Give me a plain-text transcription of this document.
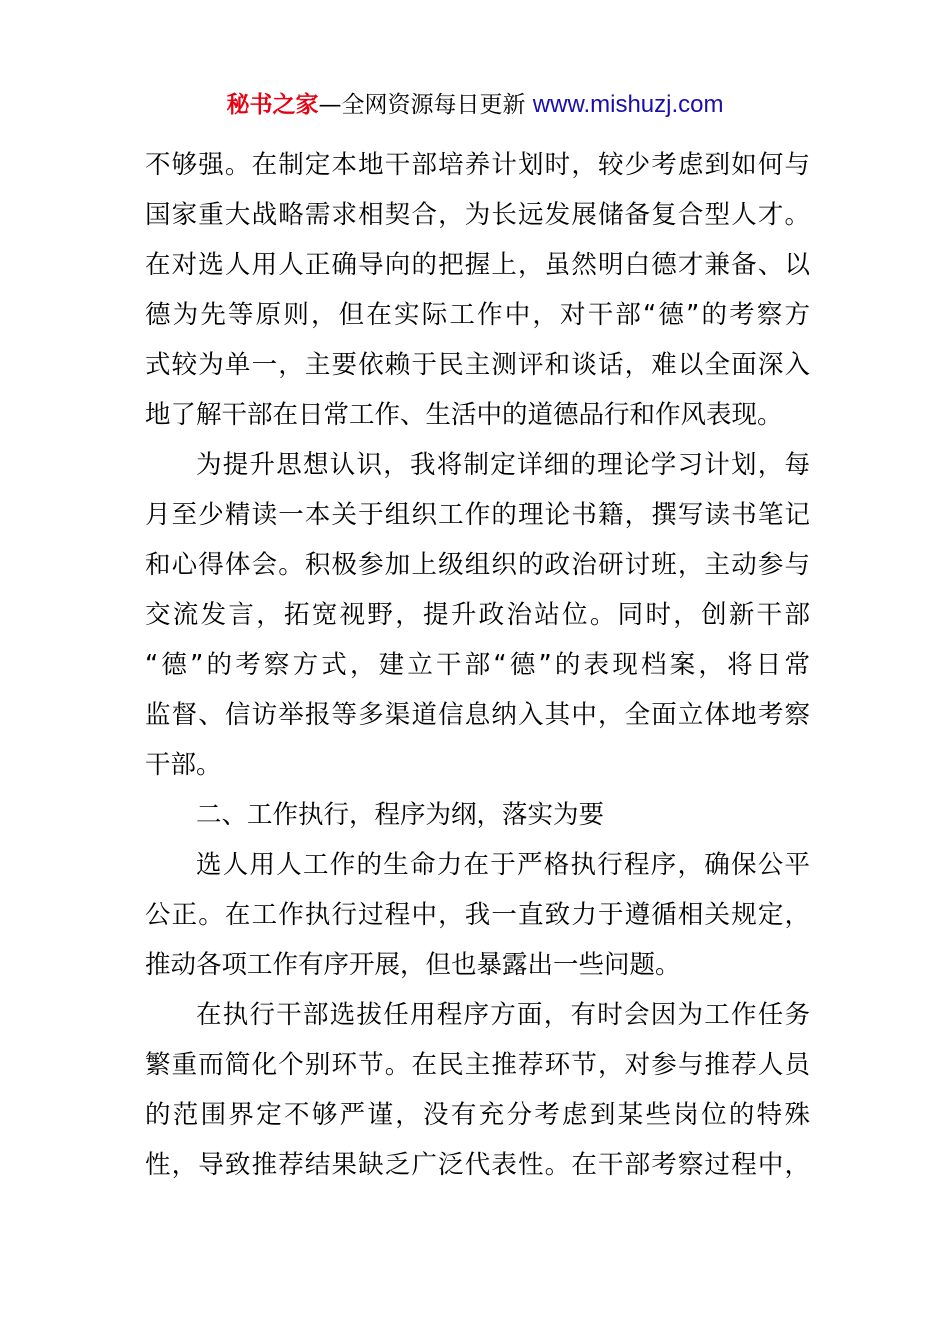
秘书之家—全网资源每日更新 www.mishuzj.com
不够强。在制定本地干部培养计划时，较少考虑到如何与
国家重大战略需求相契合，为长远发展储备复合型人才。
在对选人用人正确导向的把握上，虽然明白德才兼备、以
德为先等原则，但在实际工作中，对干部“德”的考察方
式较为单一，主要依赖于民主测评和谈话，难以全面深入
地了解干部在日常工作、生活中的道德品行和作风表现。
为提升思想认识，我将制定详细的理论学习计划，每
月至少精读一本关于组织工作的理论书籍，撰写读书笔记
和心得体会。积极参加上级组织的政治研讨班，主动参与
交流发言，拓宽视野，提升政治站位。同时，创新干部
“德”的考察方式，建立干部“德”的表现档案，将日常
监督、信访举报等多渠道信息纳入其中，全面立体地考察
干部。
二、工作执行，程序为纲，落实为要
选人用人工作的生命力在于严格执行程序，确保公平
公正。在工作执行过程中，我一直致力于遵循相关规定，
推动各项工作有序开展，但也暴露出一些问题。
在执行干部选拔任用程序方面，有时会因为工作任务
繁重而简化个别环节。在民主推荐环节，对参与推荐人员
的范围界定不够严谨，没有充分考虑到某些岗位的特殊
性，导致推荐结果缺乏广泛代表性。在干部考察过程中，
